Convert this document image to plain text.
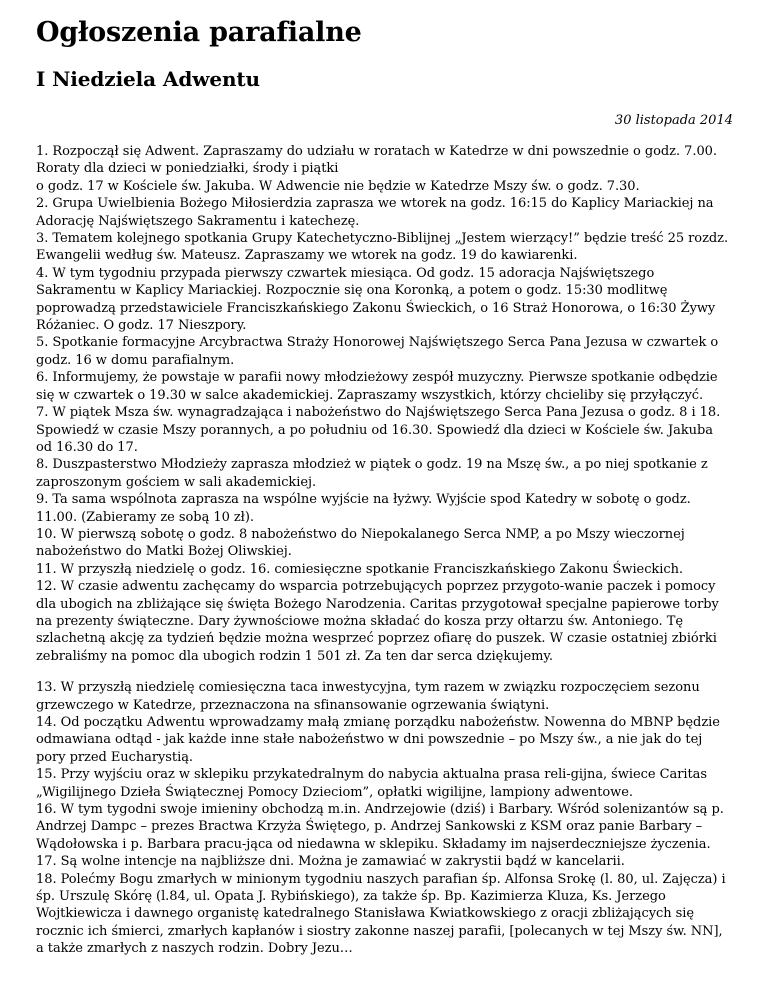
Ogłoszenia parafialne
I Niedziela Adwentu
30 listopada 2014

1. Rozpoczął się Adwent. Zapraszamy do udziału w roratach w Katedrze w dni powszednie o godz. 7.00. Roraty dla dzieci w poniedziałki, środy i piątki

o godz. 17 w Kościele św. Jakuba. W Adwencie nie będzie w Katedrze Mszy św. o godz. 7.30.

2. Grupa Uwielbienia Bożego Miłosierdzia zaprasza we wtorek na godz. 16:15 do Kaplicy Mariackiej na Adorację Najświętszego Sakramentu i katechezę.

3. Tematem kolejnego spotkania Grupy Katechetyczno-Biblijnej „Jestem wierzący!” będzie treść 25 rozdz. Ewangelii według św. Mateusz. Zapraszamy we wtorek na godz. 19 do kawiarenki.

4. W tym tygodniu przypada pierwszy czwartek miesiąca. Od godz. 15 adoracja Najświętszego Sakramentu w Kaplicy Mariackiej. Rozpocznie się ona Koronką, a potem o godz. 15:30 modlitwę poprowadzą przedstawiciele Franciszkańskiego Zakonu Świeckich, o 16 Straż Honorowa, o 16:30 Żywy Różaniec. O godz. 17 Nieszpory.

5. Spotkanie formacyjne Arcybractwa Straży Honorowej Najświętszego Serca Pana Jezusa w czwartek o godz. 16 w domu parafialnym.

6. Informujemy, że powstaje w parafii nowy młodzieżowy zespół muzyczny. Pierwsze spotkanie odbędzie się w czwartek o 19.30 w salce akademickiej. Zapraszamy wszystkich, którzy chcieliby się przyłączyć.

7. W piątek Msza św. wynagradzająca i nabożeństwo do Najświętszego Serca Pana Jezusa o godz. 8 i 18. Spowiedź w czasie Mszy porannych, a po południu od 16.30. Spowiedź dla dzieci w Kościele św. Jakuba od 16.30 do 17.

8. Duszpasterstwo Młodzieży zaprasza młodzież w piątek o godz. 19 na Mszę św., a po niej spotkanie z zaproszonym gościem w sali akademickiej.

9. Ta sama wspólnota zaprasza na wspólne wyjście na łyżwy. Wyjście spod Katedry w sobotę o godz. 11.00. (Zabieramy ze sobą 10 zł).

10. W pierwszą sobotę o godz. 8 nabożeństwo do Niepokalanego Serca NMP, a po Mszy wieczornej nabożeństwo do Matki Bożej Oliwskiej.

11. W przyszłą niedzielę o godz. 16. comiesięczne spotkanie Franciszkańskiego Zakonu Świeckich.

12. W czasie adwentu zachęcamy do wsparcia potrzebujących poprzez przygoto-wanie paczek i pomocy dla ubogich na zbliżające się święta Bożego Narodzenia. Caritas przygotował specjalne papierowe torby na prezenty świąteczne. Dary żywnościowe można składać do kosza przy ołtarzu św. Antoniego. Tę szlachetną akcję za tydzień będzie można wesprzeć poprzez ofiarę do puszek. W czasie ostatniej zbiórki zebraliśmy na pomoc dla ubogich rodzin 1 501 zł. Za ten dar serca dziękujemy.

13. W przyszłą niedzielę comiesięczna taca inwestycyjna, tym razem w związku rozpoczęciem sezonu grzewczego w Katedrze, przeznaczona na sfinansowanie ogrzewania świątyni.

14. Od początku Adwentu wprowadzamy małą zmianę porządku nabożeństw. Nowenna do MBNP będzie odmawiana odtąd - jak każde inne stałe nabożeństwo w dni powszednie – po Mszy św., a nie jak do tej pory przed Eucharystią.

15. Przy wyjściu oraz w sklepiku przykatedralnym do nabycia aktualna prasa reli-gijna, świece Caritas „Wigilijnego Dzieła Świątecznej Pomocy Dzieciom”, opłatki wigilijne, lampiony adwentowe.

16. W tym tygodni swoje imieniny obchodzą m.in. Andrzejowie (dziś) i Barbary. Wśród solenizantów są p. Andrzej Dampc – prezes Bractwa Krzyża Świętego, p. Andrzej Sankowski z KSM oraz panie Barbary – Wądołowska i p. Barbara pracu-jąca od niedawna w sklepiku. Składamy im najserdeczniejsze życzenia.

17. Są wolne intencje na najbliższe dni. Można je zamawiać w zakrystii bądź w kancelarii.

18. Polećmy Bogu zmarłych w minionym tygodniu naszych parafian śp. Alfonsa Srokę (l. 80, ul. Zajęcza) i śp. Urszulę Skórę (l.84, ul. Opata J. Rybińskiego), za także śp. Bp. Kazimierza Kluza, Ks. Jerzego Wojtkiewicza i dawnego organistę katedralnego Stanisława Kwiatkowskiego z oracji zbliżających się rocznic ich śmierci, zmarłych kapłanów i siostry zakonne naszej parafii, [polecanych w tej Mszy św. NN], a także zmarłych z naszych rodzin. Dobry Jezu…
